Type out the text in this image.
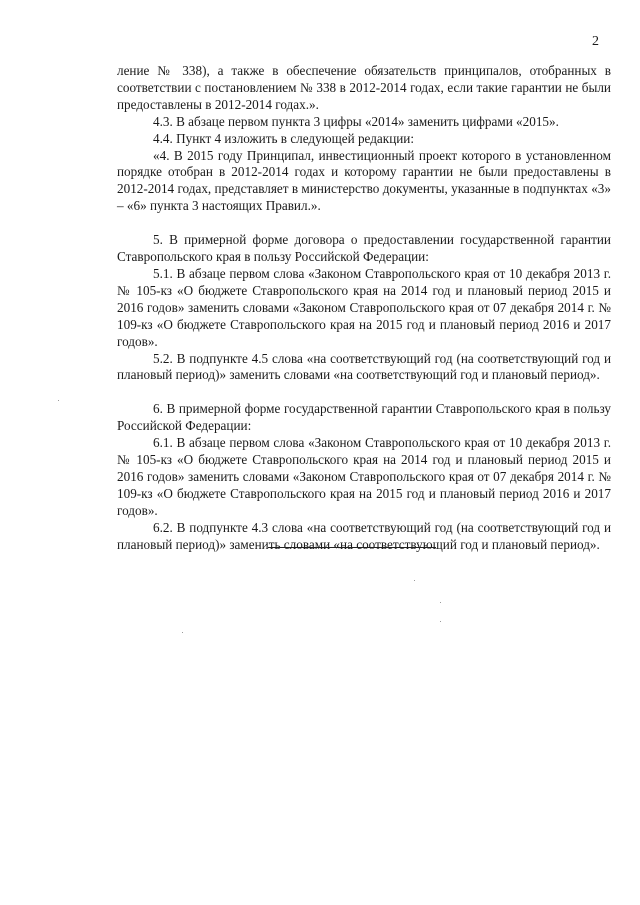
2

ление № 338), а также в обеспечение обязательств принципалов, отобранных в соответствии с постановлением № 338 в 2012-2014 годах, если такие гарантии не были предоставлены в 2012-2014 годах.».

4.3. В абзаце первом пункта 3 цифры «2014» заменить цифрами «2015».

4.4. Пункт 4 изложить в следующей редакции:

«4. В 2015 году Принципал, инвестиционный проект которого в установленном порядке отобран в 2012-2014 годах и которому гарантии не были предоставлены в 2012-2014 годах, представляет в министерство документы, указанные в подпунктах «3» – «6» пункта 3 настоящих Правил.».

5. В примерной форме договора о предоставлении государственной гарантии Ставропольского края в пользу Российской Федерации:

5.1. В абзаце первом слова «Законом Ставропольского края от 10 декабря 2013 г. № 105-кз «О бюджете Ставропольского края на 2014 год и плановый период 2015 и 2016 годов» заменить словами «Законом Ставропольского края от 07 декабря 2014 г. № 109-кз «О бюджете Ставропольского края на 2015 год и плановый период 2016 и 2017 годов».

5.2. В подпункте 4.5 слова «на соответствующий год (на соответствующий год и плановый период)» заменить словами «на соответствующий год и плановый период».

6. В примерной форме государственной гарантии Ставропольского края в пользу Российской Федерации:

6.1. В абзаце первом слова «Законом Ставропольского края от 10 декабря 2013 г. № 105-кз «О бюджете Ставропольского края на 2014 год и плановый период 2015 и 2016 годов» заменить словами «Законом Ставропольского края от 07 декабря 2014 г. № 109-кз «О бюджете Ставропольского края на 2015 год и плановый период 2016 и 2017 годов».

6.2. В подпункте 4.3 слова «на соответствующий год (на соответствующий год и плановый период)» заменить словами «на соответствующий год и плановый период».
